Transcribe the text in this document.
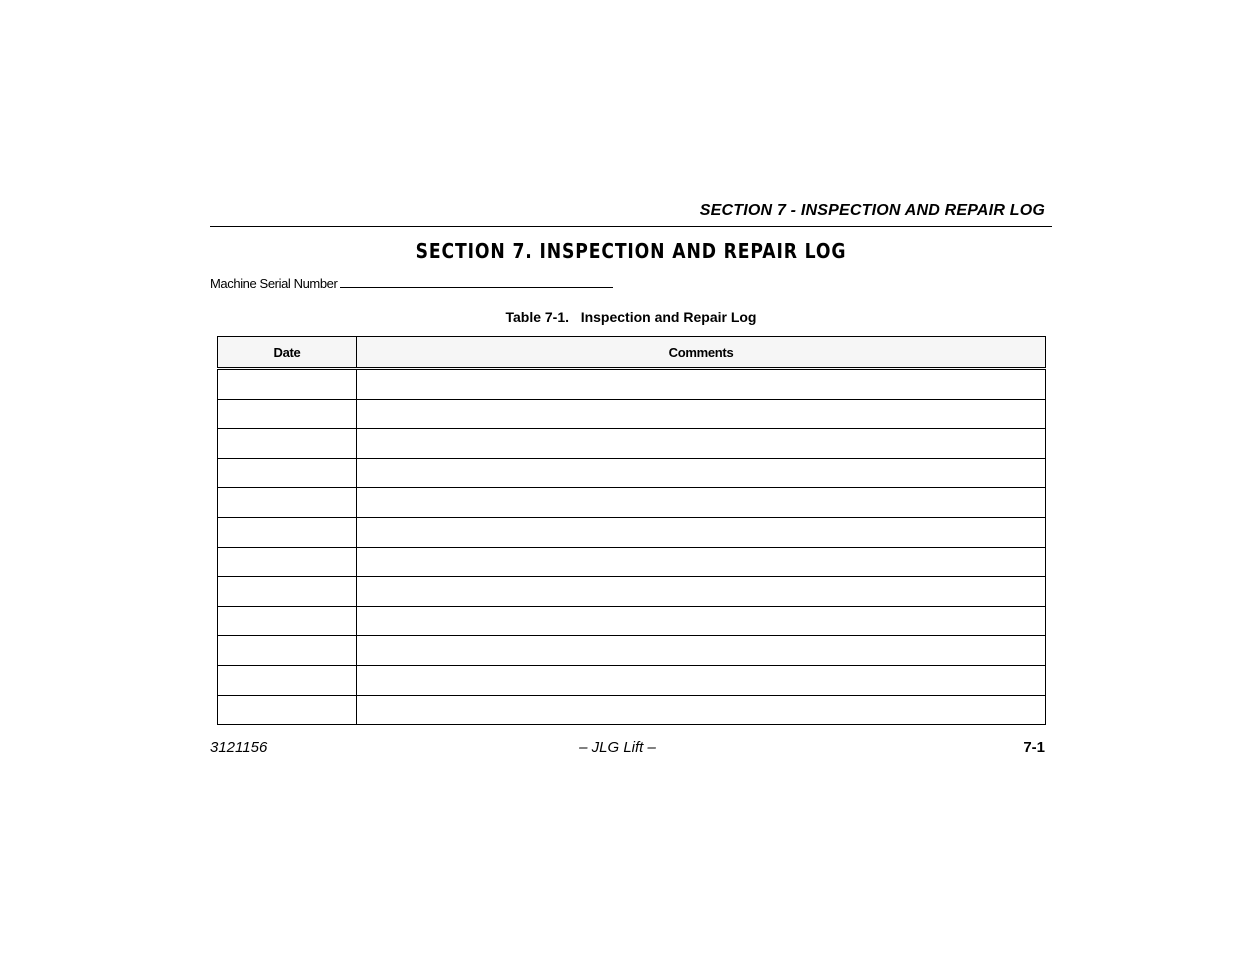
SECTION 7 - INSPECTION AND REPAIR LOG
SECTION 7. INSPECTION AND REPAIR LOG
Machine Serial Number
Table 7-1.   Inspection and Repair Log
Date	Comments

3121156	– JLG Lift –	7-1
